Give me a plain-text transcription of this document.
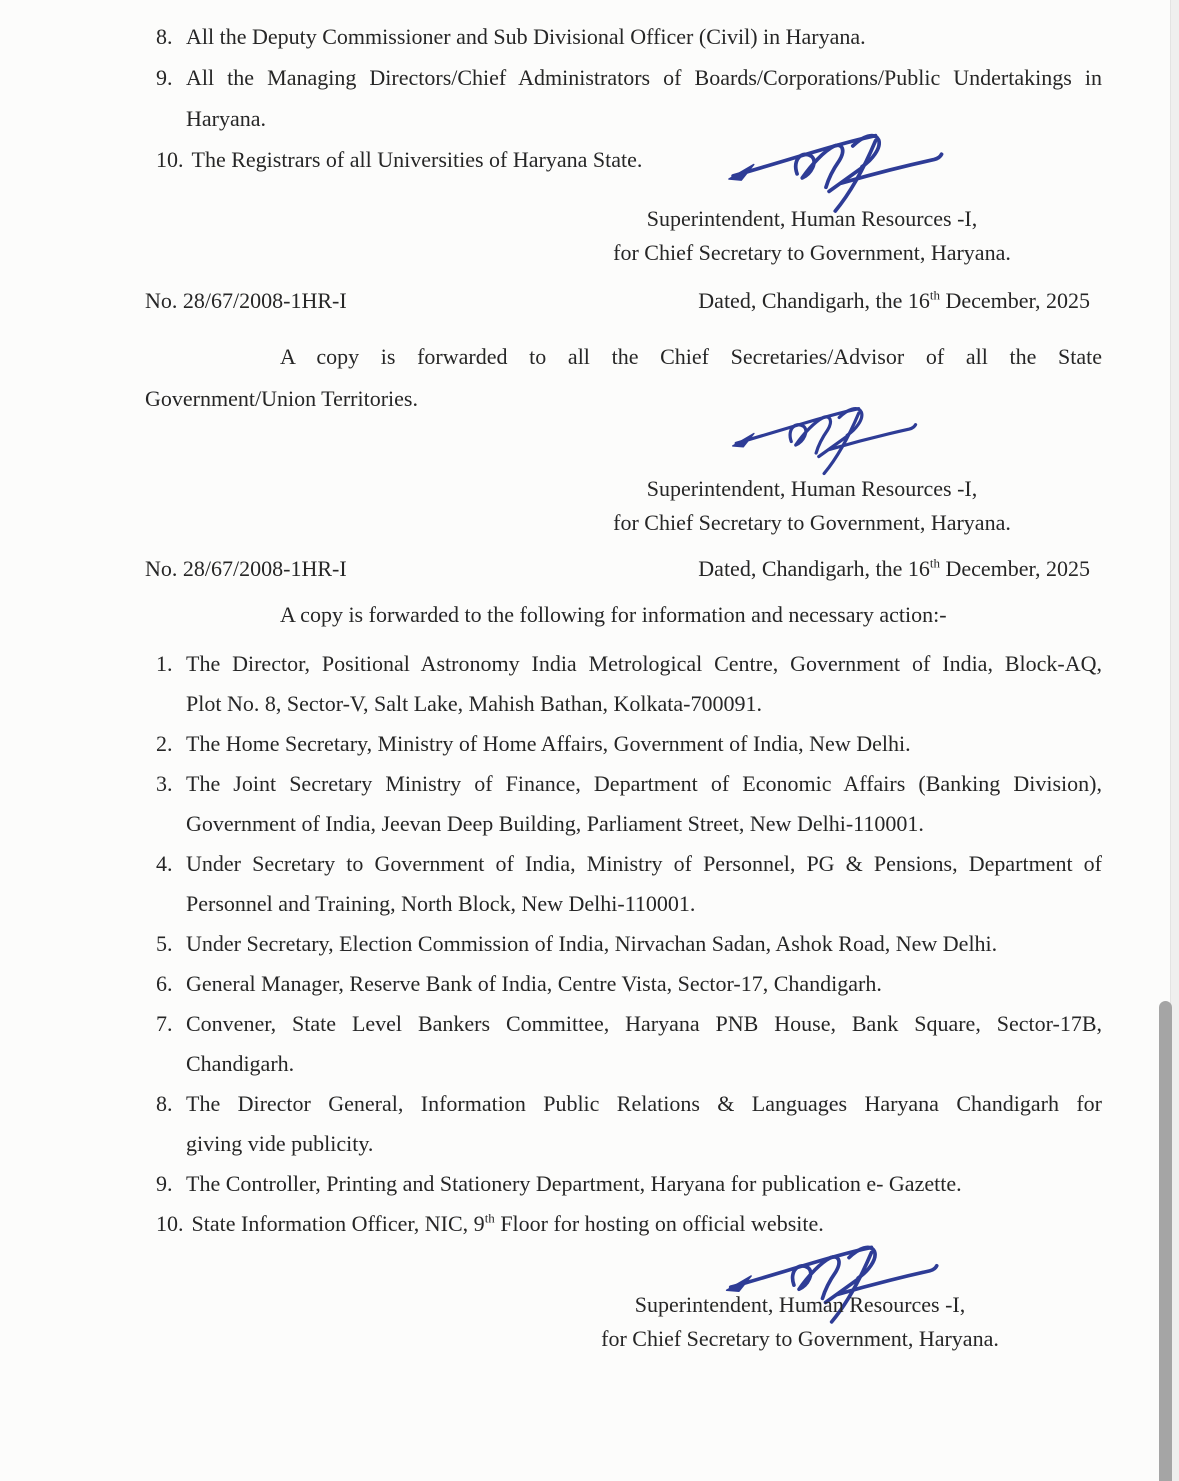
8. All the Deputy Commissioner and Sub Divisional Officer (Civil) in Haryana.
9. All the Managing Directors/Chief Administrators of Boards/Corporations/Public Undertakings in
Haryana.
10. The Registrars of all Universities of Haryana State.
Superintendent, Human Resources -I,
for Chief Secretary to Government, Haryana.
No. 28/67/2008-1HR-I	Dated, Chandigarh, the 16th December, 2025
A copy is forwarded to all the Chief Secretaries/Advisor of all the State
Government/Union Territories.
Superintendent, Human Resources -I,
for Chief Secretary to Government, Haryana.
No. 28/67/2008-1HR-I	Dated, Chandigarh, the 16th December, 2025
A copy is forwarded to the following for information and necessary action:-
1. The Director, Positional Astronomy India Metrological Centre, Government of India, Block-AQ,
Plot No. 8, Sector-V, Salt Lake, Mahish Bathan, Kolkata-700091.
2. The Home Secretary, Ministry of Home Affairs, Government of India, New Delhi.
3. The Joint Secretary Ministry of Finance, Department of Economic Affairs (Banking Division),
Government of India, Jeevan Deep Building, Parliament Street, New Delhi-110001.
4. Under Secretary to Government of India, Ministry of Personnel, PG & Pensions, Department of
Personnel and Training, North Block, New Delhi-110001.
5. Under Secretary, Election Commission of India, Nirvachan Sadan, Ashok Road, New Delhi.
6. General Manager, Reserve Bank of India, Centre Vista, Sector-17, Chandigarh.
7. Convener, State Level Bankers Committee, Haryana PNB House, Bank Square, Sector-17B,
Chandigarh.
8. The Director General, Information Public Relations & Languages Haryana Chandigarh for
giving vide publicity.
9. The Controller, Printing and Stationery Department, Haryana for publication e- Gazette.
10. State Information Officer, NIC, 9th Floor for hosting on official website.
Superintendent, Human Resources -I,
for Chief Secretary to Government, Haryana.
